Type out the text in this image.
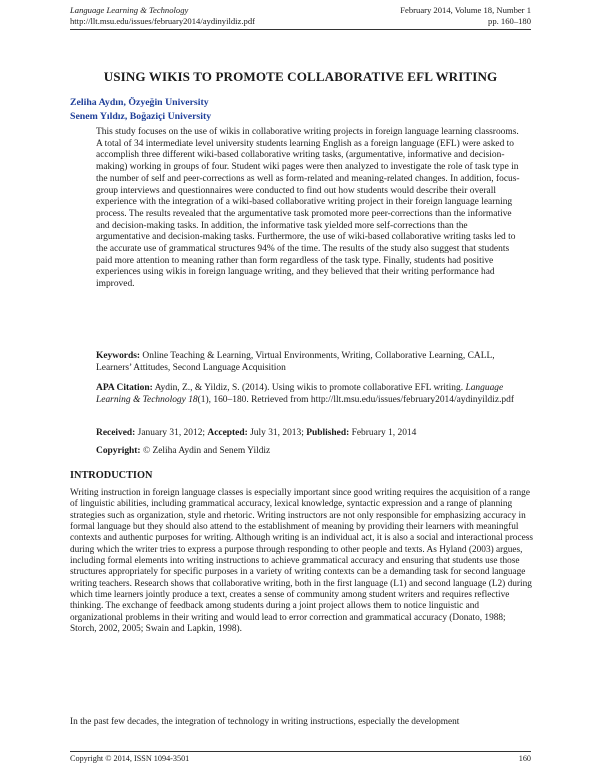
Language Learning & Technology	February 2014, Volume 18, Number 1
http://llt.msu.edu/issues/february2014/aydinyildiz.pdf	pp. 160–180
USING WIKIS TO PROMOTE COLLABORATIVE EFL WRITING
Zeliha Aydın, Özyeğin University
Senem Yıldız, Boğaziçi University

This study focuses on the use of wikis in collaborative writing projects in foreign language learning classrooms. A total of 34 intermediate level university students learning English as a foreign language (EFL) were asked to accomplish three different wiki-based collaborative writing tasks, (argumentative, informative and decision-making) working in groups of four. Student wiki pages were then analyzed to investigate the role of task type in the number of self and peer-corrections as well as form-related and meaning-related changes. In addition, focus-group interviews and questionnaires were conducted to find out how students would describe their overall experience with the integration of a wiki-based collaborative writing project in their foreign language learning process. The results revealed that the argumentative task promoted more peer-corrections than the informative and decision-making tasks. In addition, the informative task yielded more self-corrections than the argumentative and decision-making tasks. Furthermore, the use of wiki-based collaborative writing tasks led to the accurate use of grammatical structures 94% of the time. The results of the study also suggest that students paid more attention to meaning rather than form regardless of the task type. Finally, students had positive experiences using wikis in foreign language writing, and they believed that their writing performance had improved.

Keywords: Online Teaching & Learning, Virtual Environments, Writing, Collaborative Learning, CALL, Learners’ Attitudes, Second Language Acquisition

APA Citation: Aydin, Z., & Yildiz, S. (2014). Using wikis to promote collaborative EFL writing. Language Learning & Technology 18(1), 160–180. Retrieved from http://llt.msu.edu/issues/february2014/aydinyildiz.pdf

Received: January 31, 2012; Accepted: July 31, 2013; Published: February 1, 2014

Copyright: © Zeliha Aydin and Senem Yildiz

INTRODUCTION

Writing instruction in foreign language classes is especially important since good writing requires the acquisition of a range of linguistic abilities, including grammatical accuracy, lexical knowledge, syntactic expression and a range of planning strategies such as organization, style and rhetoric. Writing instructors are not only responsible for emphasizing accuracy in formal language but they should also attend to the establishment of meaning by providing their learners with meaningful contexts and authentic purposes for writing. Although writing is an individual act, it is also a social and interactional process during which the writer tries to express a purpose through responding to other people and texts. As Hyland (2003) argues, including formal elements into writing instructions to achieve grammatical accuracy and ensuring that students use those structures appropriately for specific purposes in a variety of writing contexts can be a demanding task for second language writing teachers. Research shows that collaborative writing, both in the first language (L1) and second language (L2) during which time learners jointly produce a text, creates a sense of community among student writers and requires reflective thinking. The exchange of feedback among students during a joint project allows them to notice linguistic and organizational problems in their writing and would lead to error correction and grammatical accuracy (Donato, 1988; Storch, 2002, 2005; Swain and Lapkin, 1998).

In the past few decades, the integration of technology in writing instructions, especially the development

Copyright © 2014, ISSN 1094-3501	160
